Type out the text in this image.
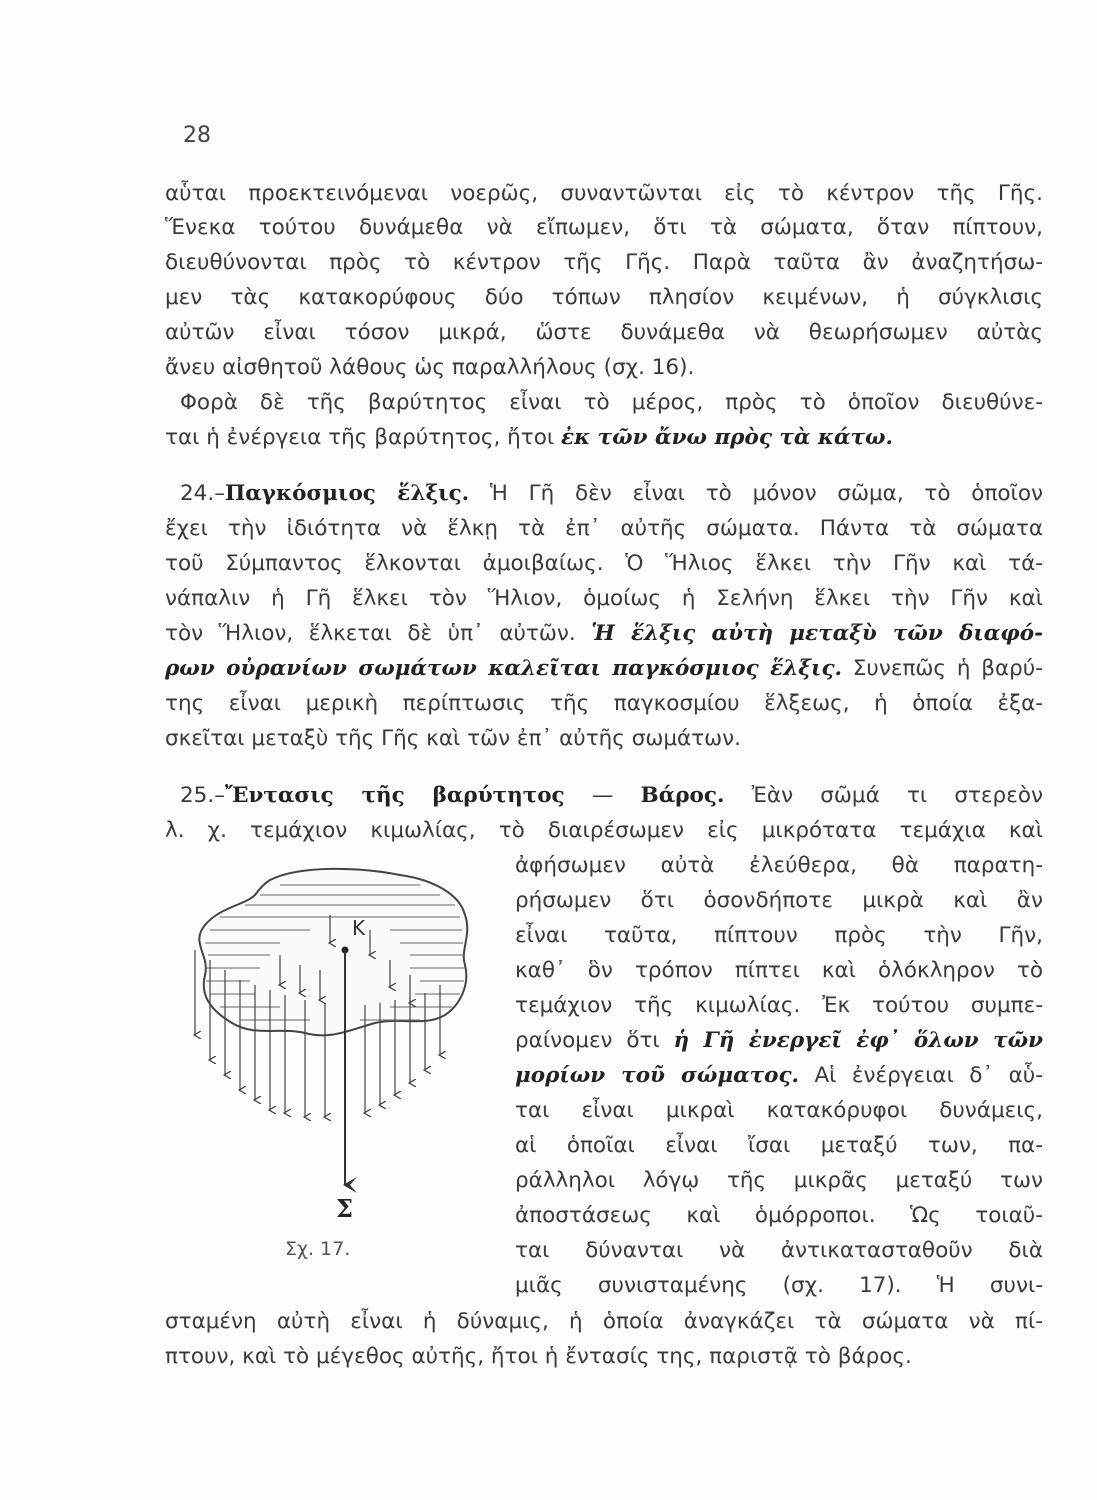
28
αὗται προεκτεινόμεναι νοερῶς, συναντῶνται εἰς τὸ κέντρον τῆς Γῆς.
Ἕνεκα τούτου δυνάμεθα νὰ εἴπωμεν, ὅτι τὰ σώματα, ὅταν πίπτουν,
διευθύνονται πρὸς τὸ κέντρον τῆς Γῆς. Παρὰ ταῦτα ἂν ἀναζητήσω-
μεν τὰς κατακορύφους δύο τόπων πλησίον κειμένων, ἡ σύγκλισις
αὐτῶν εἶναι τόσον μικρά, ὥστε δυνάμεθα νὰ θεωρήσωμεν αὐτὰς
ἄνευ αἰσθητοῦ λάθους ὡς παραλλήλους (σχ. 16).
Φορὰ δὲ τῆς βαρύτητος εἶναι τὸ μέρος, πρὸς τὸ ὁποῖον διευθύνε-
ται ἡ ἐνέργεια τῆς βαρύτητος, ἤτοι ἐκ τῶν ἄνω πρὸς τὰ κάτω.
24.–Παγκόσμιος ἕλξις. Ἡ Γῆ δὲν εἶναι τὸ μόνον σῶμα, τὸ ὁποῖον
ἔχει τὴν ἰδιότητα νὰ ἕλκῃ τὰ ἐπ᾿ αὐτῆς σώματα. Πάντα τὰ σώματα
τοῦ Σύμπαντος ἕλκονται ἀμοιβαίως. Ὁ Ἥλιος ἕλκει τὴν Γῆν καὶ τά-
νάπαλιν ἡ Γῆ ἕλκει τὸν Ἥλιον, ὁμοίως ἡ Σελήνη ἕλκει τὴν Γῆν καὶ
τὸν Ἥλιον, ἕλκεται δὲ ὑπ᾿ αὐτῶν. Ἡ ἕλξις αὐτὴ μεταξὺ τῶν διαφό-
ρων οὐρανίων σωμάτων καλεῖται παγκόσμιος ἕλξις. Συνεπῶς ἡ βαρύ-
της εἶναι μερικὴ περίπτωσις τῆς παγκοσμίου ἕλξεως, ἡ ὁποία ἐξα-
σκεῖται μεταξὺ τῆς Γῆς καὶ τῶν ἐπ᾿ αὐτῆς σωμάτων.
25.–Ἔντασις τῆς βαρύτητος — Βάρος. Ἐὰν σῶμά τι στερεὸν
λ. χ. τεμάχιον κιμωλίας, τὸ διαιρέσωμεν εἰς μικρότατα τεμάχια καὶ
ἀφήσωμεν αὐτὰ ἐλεύθερα, θὰ παρατη-
ρήσωμεν ὅτι ὁσονδήποτε μικρὰ καὶ ἂν
εἶναι ταῦτα, πίπτουν πρὸς τὴν Γῆν,
καθ᾿ ὃν τρόπον πίπτει καὶ ὁλόκληρον τὸ
τεμάχιον τῆς κιμωλίας. Ἐκ τούτου συμπε-
ραίνομεν ὅτι ἡ Γῆ ἐνεργεῖ ἐφ᾿ ὅλων τῶν
μορίων τοῦ σώματος. Αἱ ἐνέργειαι δ᾿ αὗ-
ται εἶναι μικραὶ κατακόρυφοι δυνάμεις,
αἱ ὁποῖαι εἶναι ἴσαι μεταξύ των, πα-
ράλληλοι λόγῳ τῆς μικρᾶς μεταξύ των
ἀποστάσεως καὶ ὁμόρροποι. Ὡς τοιαῦ-
ται δύνανται νὰ ἀντικατασταθοῦν διὰ
μιᾶς συνισταμένης (σχ. 17). Ἡ συνι-
σταμένη αὐτὴ εἶναι ἡ δύναμις, ἡ ὁποία ἀναγκάζει τὰ σώματα νὰ πί-
πτουν, καὶ τὸ μέγεθος αὐτῆς, ἤτοι ἡ ἔντασίς της, παριστᾷ τὸ βάρος.
K
Σ
Σχ. 17.
